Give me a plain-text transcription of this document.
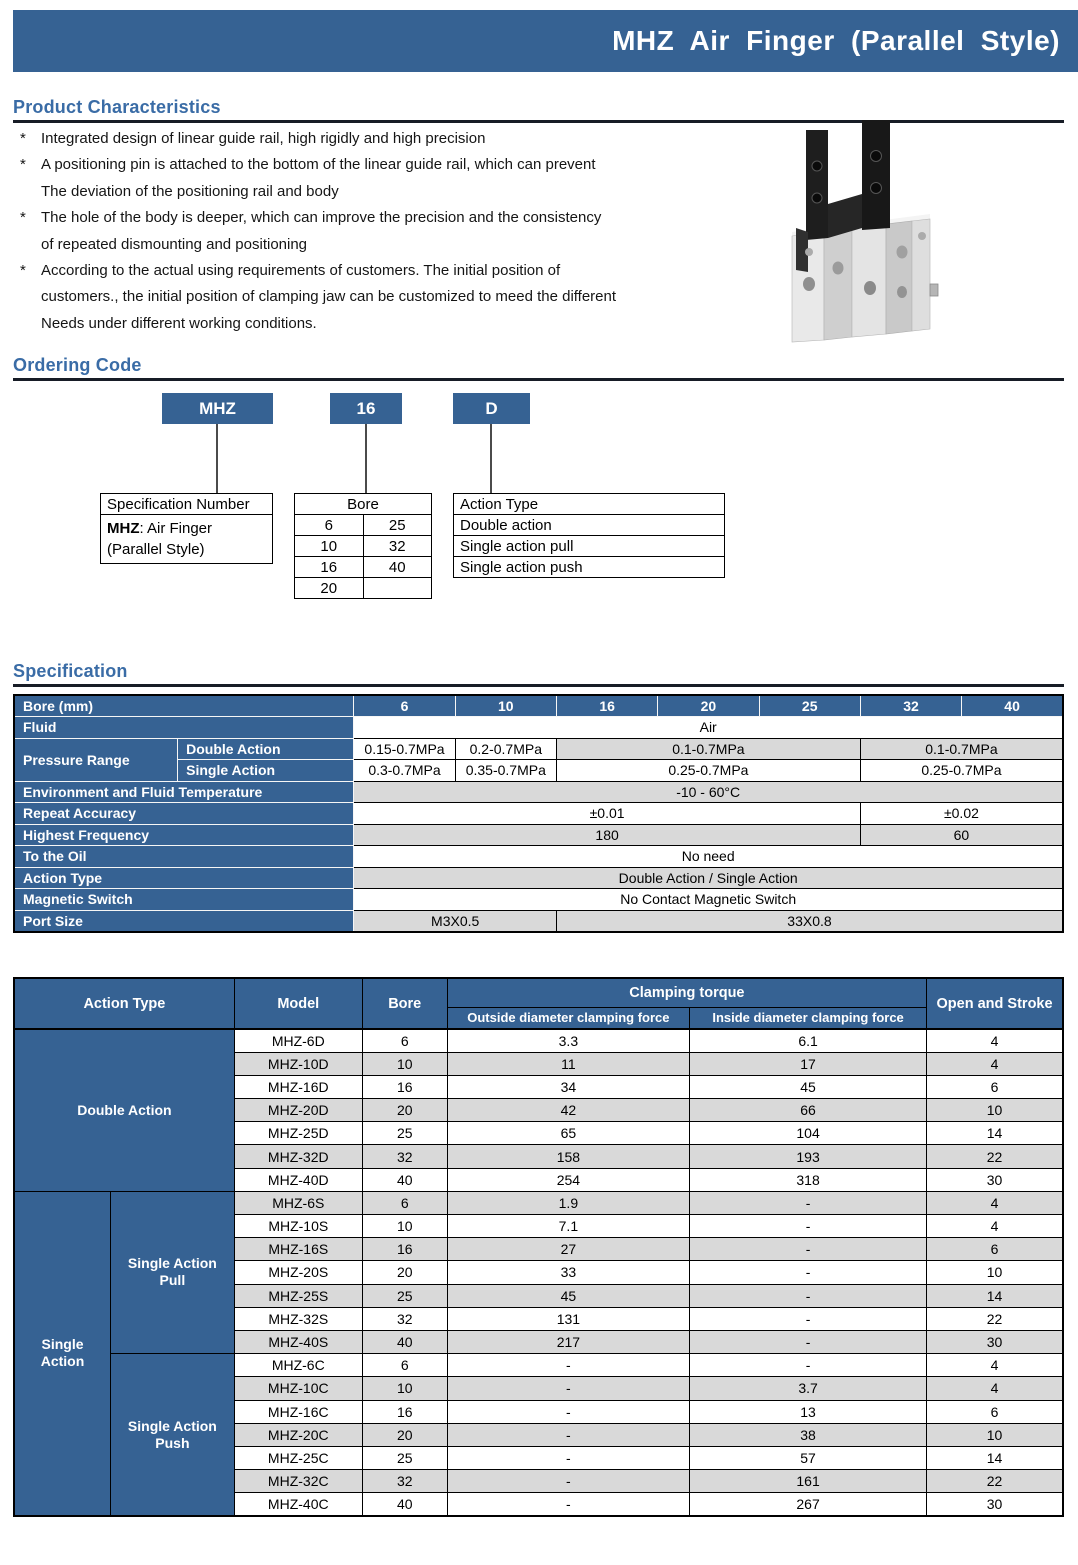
MHZ Air Finger (Parallel Style)
Product Characteristics
* Integrated design of linear guide rail, high rigidly and high precision
* A positioning pin is attached to the bottom of the linear guide rail, which can prevent
The deviation of the positioning rail and body
* The hole of the body is deeper, which can improve the precision and the consistency
of repeated dismounting and positioning
* According to the actual using requirements of customers. The initial position of
customers., the initial position of clamping jaw can be customized to meed the different
Needs under different working conditions.
Ordering Code
MHZ	16	D
Specification Number
MHZ: Air Finger
(Parallel Style)
Bore	
6	25
10	32
16	40
20	
Action Type
Double action
Single action pull
Single action push
Specification
Bore (mm)		6	10	16	20	25	32	40
Fluid		Air						
Pressure Range	Double Action	0.15-0.7MPa	0.2-0.7MPa	0.1-0.7MPa			0.1-0.7MPa	
	Single Action	0.3-0.7MPa	0.35-0.7MPa	0.25-0.7MPa			0.25-0.7MPa	
Environment and Fluid Temperature		-10 - 60°C						
Repeat Accuracy		±0.01					±0.02	
Highest Frequency		180					60	
To the Oil		No need						
Action Type		Double Action / Single Action						
Magnetic Switch		No Contact Magnetic Switch						
Port Size		M3X0.5		33X0.8				
Action Type		Model	Bore	Clamping torque		Open and Stroke
				Outside diameter clamping force	Inside diameter clamping force	
Double Action		MHZ-6D	6	3.3	6.1	4
		MHZ-10D	10	11	17	4
		MHZ-16D	16	34	45	6
		MHZ-20D	20	42	66	10
		MHZ-25D	25	65	104	14
		MHZ-32D	32	158	193	22
		MHZ-40D	40	254	318	30
Single Action	Single Action Pull	MHZ-6S	6	1.9	-	4
		MHZ-10S	10	7.1	-	4
		MHZ-16S	16	27	-	6
		MHZ-20S	20	33	-	10
		MHZ-25S	25	45	-	14
		MHZ-32S	32	131	-	22
		MHZ-40S	40	217	-	30
	Single Action Push	MHZ-6C	6	-	-	4
		MHZ-10C	10	-	3.7	4
		MHZ-16C	16	-	13	6
		MHZ-20C	20	-	38	10
		MHZ-25C	25	-	57	14
		MHZ-32C	32	-	161	22
		MHZ-40C	40	-	267	30
